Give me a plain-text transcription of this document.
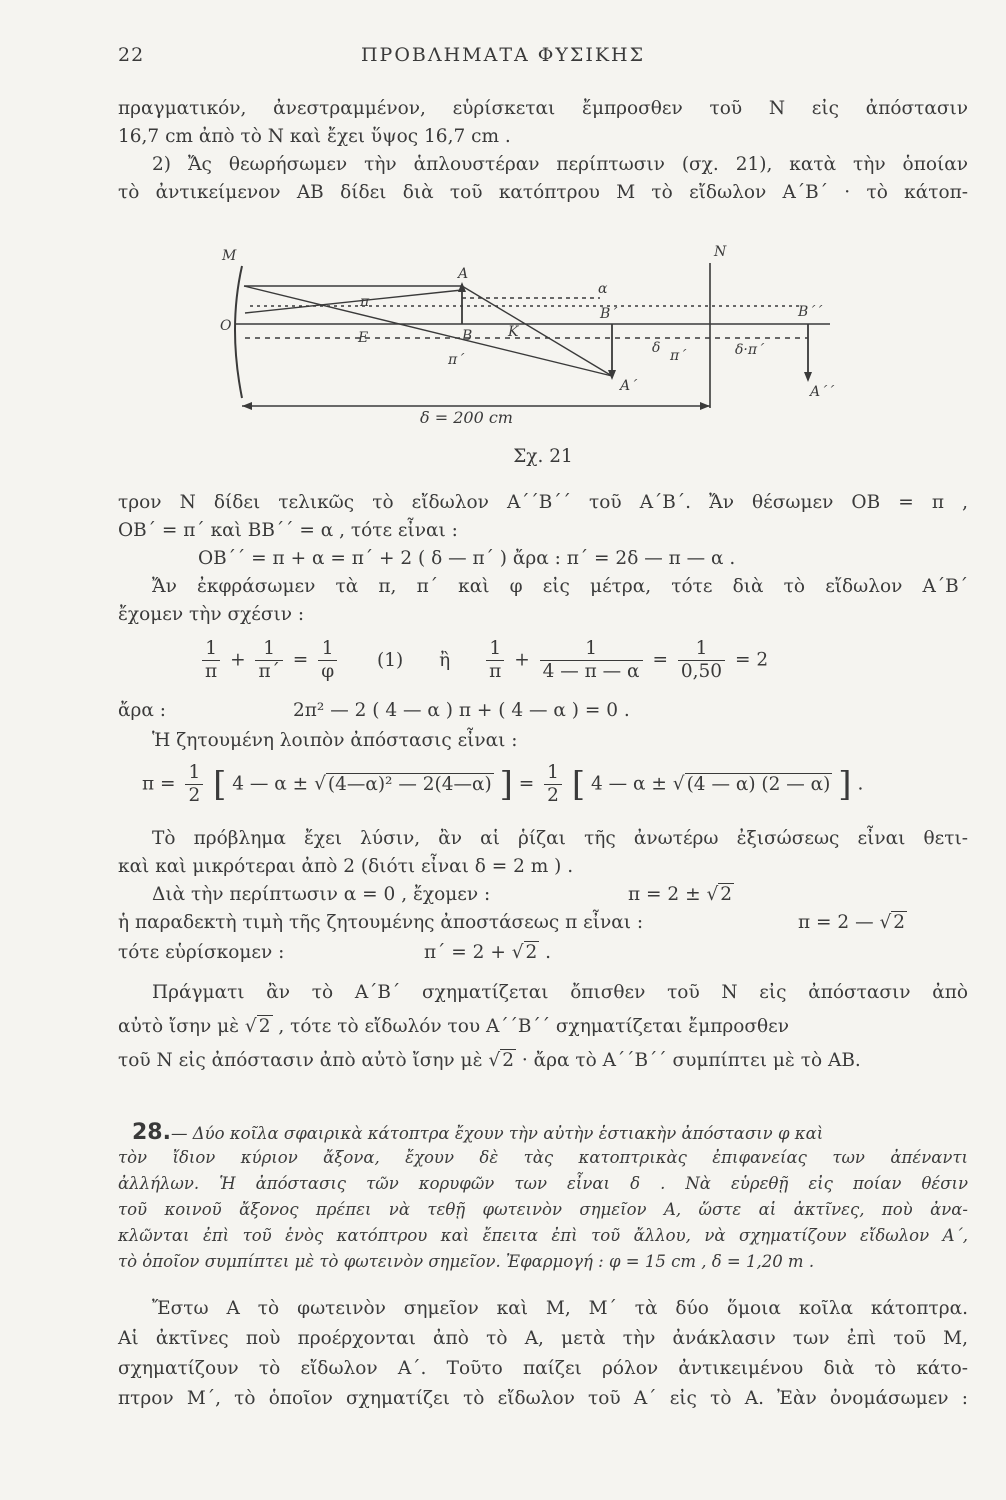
22	ΠΡΟΒΛΗΜΑΤΑ ΦΥΣΙΚΗΣ
πραγματικόν, ἀνεστραμμένον, εὑρίσκεται ἔμπροσθεν τοῦ Ν εἰς ἀπόστασιν
16,7 cm ἀπὸ τὸ Ν καὶ ἔχει ὕψος 16,7 cm .
2) Ἄς θεωρήσωμεν τὴν ἁπλουστέραν περίπτωσιν (σχ. 21), κατὰ τὴν ὁποίαν
τὸ ἀντικείμενον ΑΒ δίδει διὰ τοῦ κατόπτρου Μ τὸ εἴδωλον Α΄Β΄ · τὸ κάτοπ-
M	N
O
A
B	K
E
π
π΄
α
B΄
A΄
B΄΄
A΄΄
δ π΄	δ·π΄
δ = 200 cm
Σχ. 21
τρον Ν δίδει τελικῶς τὸ εἴδωλον Α΄΄Β΄΄ τοῦ Α΄Β΄. Ἄν θέσωμεν ΟΒ = π ,
ΟΒ΄ = π΄ καὶ ΒΒ΄΄ = α , τότε εἶναι :
ΟΒ΄΄ = π + α = π΄ + 2 ( δ — π΄ ) ἄρα : π΄ = 2δ — π — α .
Ἄν ἐκφράσωμεν τὰ π, π΄ καὶ φ εἰς μέτρα, τότε διὰ τὸ εἴδωλον Α΄Β΄
ἔχομεν τὴν σχέσιν :
$\frac{1}{\pi} + \frac{1}{\pi΄} = \frac{1}{\varphi} (1)$ ἢ $\frac{1}{\pi} + \frac{1}{4 — \pi — \alpha} = \frac{1}{0,50} = 2$
ἄρα :	2π² — 2 ( 4 — α ) π + ( 4 — α ) = 0 .
Ἡ ζητουμένη λοιπὸν ἀπόστασις εἶναι :
$\pi = \frac{1}{2}$ [ 4 — α ± √ (4—α)² — 2(4—α) ] = $\frac{1}{2}$ [ 4 — α ± √ (4 — α) (2 — α) ] .
Τὸ πρόβλημα ἔχει λύσιν, ἂν αἱ ῥίζαι τῆς ἀνωτέρω ἐξισώσεως εἶναι θετι-
καὶ καὶ μικρότεραι ἀπὸ 2 (διότι εἶναι δ = 2 m ) .
Διὰ τὴν περίπτωσιν α = 0 , ἔχομεν :	π = 2 ± √ 2
ἡ παραδεκτὴ τιμὴ τῆς ζητουμένης ἀποστάσεως π εἶναι :	π = 2 — √ 2
τότε εὑρίσκομεν :	π΄ = 2 + √ 2 .
Πράγματι ἂν τὸ Α΄Β΄ σχηματίζεται ὄπισθεν τοῦ Ν εἰς ἀπόστασιν ἀπὸ
αὐτὸ ἴσην μὲ √ 2 , τότε τὸ εἴδωλόν του Α΄΄Β΄΄ σχηματίζεται ἔμπροσθεν
τοῦ Ν εἰς ἀπόστασιν ἀπὸ αὐτὸ ἴσην μὲ √ 2 · ἄρα τὸ Α΄΄Β΄΄ συμπίπτει μὲ τὸ ΑΒ.
28.— Δύο κοῖλα σφαιρικὰ κάτοπτρα ἔχουν τὴν αὐτὴν ἑστιακὴν ἀπόστασιν φ καὶ
τὸν ἴδιον κύριον ἄξονα, ἔχουν δὲ τὰς κατοπτρικὰς ἐπιφανείας των ἀπέναντι
ἀλλήλων. Ἡ ἀπόστασις τῶν κορυφῶν των εἶναι δ . Νὰ εὑρεθῇ εἰς ποίαν θέσιν
τοῦ κοινοῦ ἄξονος πρέπει νὰ τεθῇ φωτεινὸν σημεῖον Α, ὥστε αἱ ἀκτῖνες, ποὺ ἀνα-
κλῶνται ἐπὶ τοῦ ἑνὸς κατόπτρου καὶ ἔπειτα ἐπὶ τοῦ ἄλλου, νὰ σχηματίζουν εἴδωλον Α΄,
τὸ ὁποῖον συμπίπτει μὲ τὸ φωτεινὸν σημεῖον. Ἐφαρμογή : φ = 15 cm , δ = 1,20 m .
Ἔστω Α τὸ φωτεινὸν σημεῖον καὶ Μ, Μ΄ τὰ δύο ὅμοια κοῖλα κάτοπτρα.
Αἱ ἀκτῖνες ποὺ προέρχονται ἀπὸ τὸ Α, μετὰ τὴν ἀνάκλασιν των ἐπὶ τοῦ Μ,
σχηματίζουν τὸ εἴδωλον Α΄. Τοῦτο παίζει ρόλον ἀντικειμένου διὰ τὸ κάτο-
πτρον Μ΄, τὸ ὁποῖον σχηματίζει τὸ εἴδωλον τοῦ Α΄ εἰς τὸ Α. Ἐὰν ὀνομάσωμεν :
